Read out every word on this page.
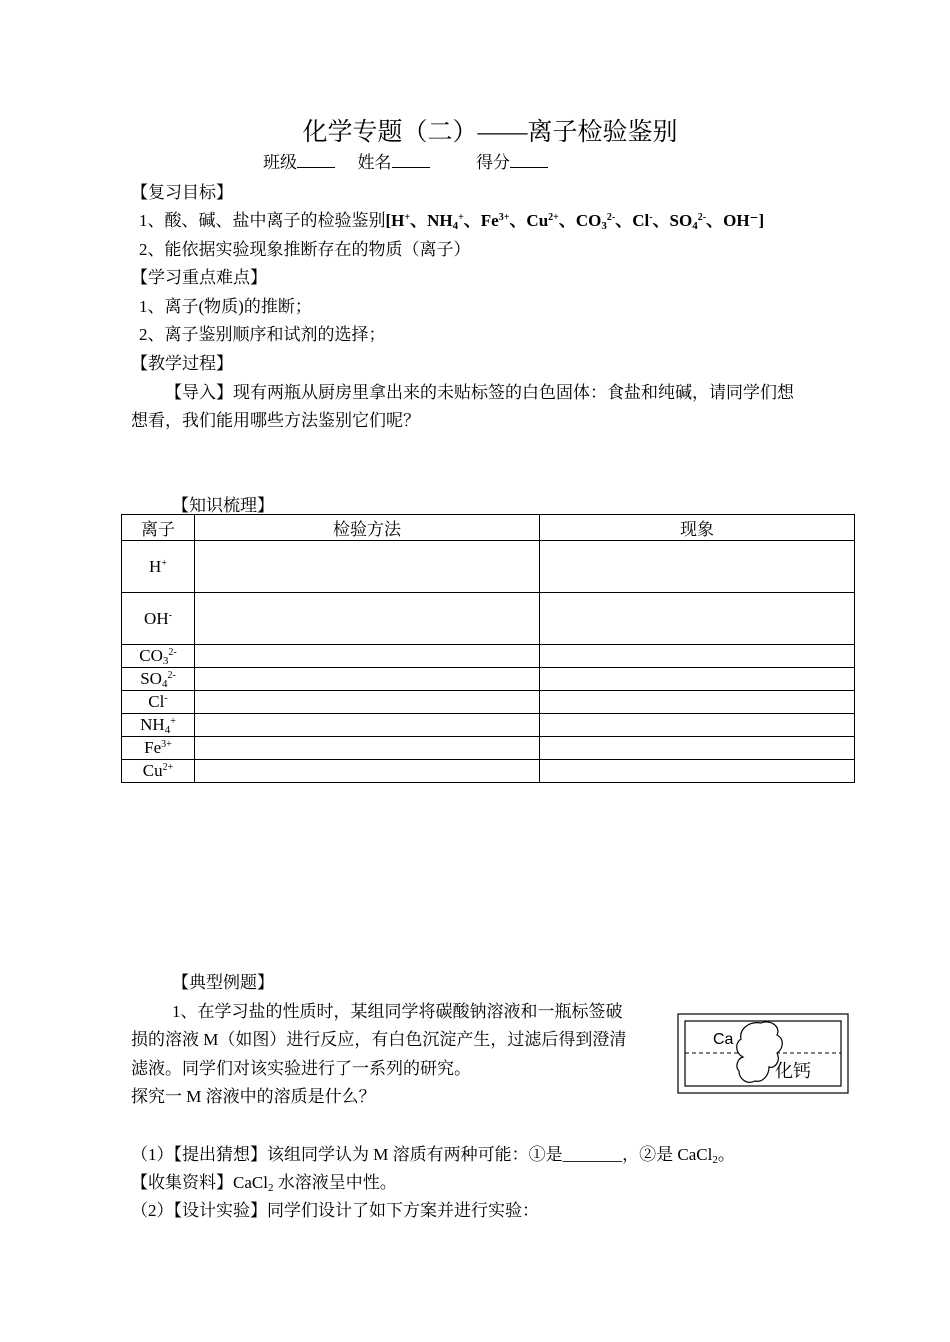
化学专题（二）——离子检验鉴别
班级	姓名	得分
【复习目标】
1、酸、碱、盐中离子的检验鉴别[H+、$NH_4^+$、$Fe^{3+}$、$Cu^{2+}$、$CO_3^{2-}$、Cl-、$SO_4^{2-}$、OH⁻]
2、能依据实验现象推断存在的物质（离子）
【学习重点难点】
1、离子(物质)的推断；
2、离子鉴别顺序和试剂的选择；
【教学过程】
【导入】现有两瓶从厨房里拿出来的未贴标签的白色固体：食盐和纯碱，请同学们想
想看，我们能用哪些方法鉴别它们呢？
【知识梳理】
离子	检验方法	现象
H+		
OH-		
$CO_3^{2-}$		
$SO_4^{2-}$		
Cl-		
$NH_4^+$		
$Fe^{3+}$		
$Cu^{2+}$		
【典型例题】
1、在学习盐的性质时，某组同学将碳酸钠溶液和一瓶标签破
损的溶液 M（如图）进行反应，有白色沉淀产生，过滤后得到澄清
滤液。同学们对该实验进行了一系列的研究。
探究一 M 溶液中的溶质是什么？
（1）【提出猜想】该组同学认为 M 溶质有两种可能：①是_______，②是 CaCl$_2$。
【收集资料】CaCl$_2$ 水溶液呈中性。
（2）【设计实验】同学们设计了如下方案并进行实验：
Ca
化钙
